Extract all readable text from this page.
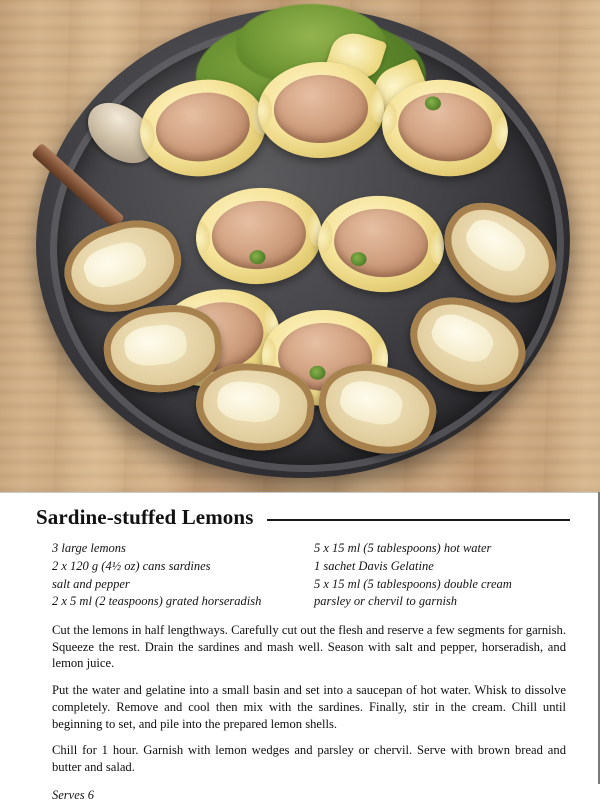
Sardine-stuffed Lemons
3 large lemons
2 x 120 g (4½ oz) cans sardines
salt and pepper
2 x 5 ml (2 teaspoons) grated horseradish
5 x 15 ml (5 tablespoons) hot water
1 sachet Davis Gelatine
5 x 15 ml (5 tablespoons) double cream
parsley or chervil to garnish

Cut the lemons in half lengthways. Carefully cut out the flesh and reserve a few segments for garnish. Squeeze the rest. Drain the sardines and mash well. Season with salt and pepper, horseradish, and lemon juice.

Put the water and gelatine into a small basin and set into a saucepan of hot water. Whisk to dissolve completely. Remove and cool then mix with the sardines. Finally, stir in the cream. Chill until beginning to set, and pile into the prepared lemon shells.

Chill for 1 hour. Garnish with lemon wedges and parsley or chervil. Serve with brown bread and butter and salad.

Serves 6
